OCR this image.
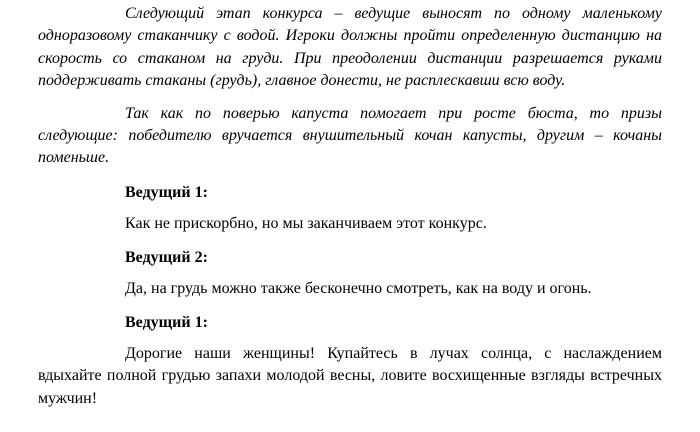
Следующий этап конкурса – ведущие выносят по одному маленькому одноразовому стаканчику с водой. Игроки должны пройти определенную дистанцию на скорость со стаканом на груди. При преодолении дистанции разрешается руками поддерживать стаканы (грудь), главное донести, не расплескавши всю воду.

Так как по поверью капуста помогает при росте бюста, то призы следующие: победителю вручается внушительный кочан капусты, другим – кочаны поменьше.

Ведущий 1:

Как не прискорбно, но мы заканчиваем этот конкурс.

Ведущий 2:

Да, на грудь можно также бесконечно смотреть, как на воду и огонь.

Ведущий 1:

Дорогие наши женщины! Купайтесь в лучах солнца, с наслаждением вдыхайте полной грудью запахи молодой весны, ловите восхищенные взгляды встречных мужчин!
